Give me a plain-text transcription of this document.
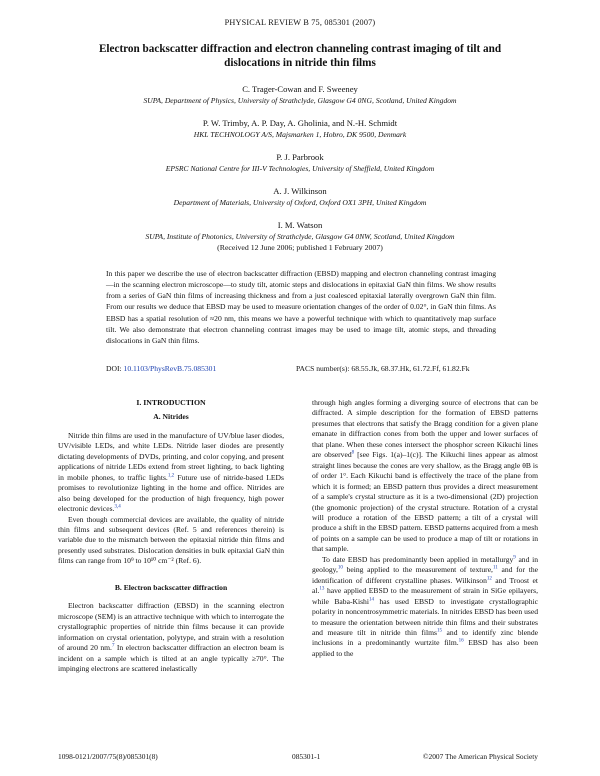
PHYSICAL REVIEW B 75, 085301 (2007)
Electron backscatter diffraction and electron channeling contrast imaging of tilt and dislocations in nitride thin films
C. Trager-Cowan and F. Sweeney
SUPA, Department of Physics, University of Strathclyde, Glasgow G4 0NG, Scotland, United Kingdom
P. W. Trimby, A. P. Day, A. Gholinia, and N.-H. Schmidt
HKL TECHNOLOGY A/S, Majsmarken 1, Hobro, DK 9500, Denmark
P. J. Parbrook
EPSRC National Centre for III-V Technologies, University of Sheffield, United Kingdom
A. J. Wilkinson
Department of Materials, University of Oxford, Oxford OX1 3PH, United Kingdom
I. M. Watson
SUPA, Institute of Photonics, University of Strathclyde, Glasgow G4 0NW, Scotland, United Kingdom
(Received 12 June 2006; published 1 February 2007)
In this paper we describe the use of electron backscatter diffraction (EBSD) mapping and electron channeling contrast imaging—in the scanning electron microscope—to study tilt, atomic steps and dislocations in epitaxial GaN thin films. We show results from a series of GaN thin films of increasing thickness and from a just coalesced epitaxial laterally overgrown GaN thin film. From our results we deduce that EBSD may be used to measure orientation changes of the order of 0.02°, in GaN thin films. As EBSD has a spatial resolution of ≈20 nm, this means we have a powerful technique with which to quantitatively map surface tilt. We also demonstrate that electron channeling contrast images may be used to image tilt, atomic steps, and threading dislocations in GaN thin films.
DOI: 10.1103/PhysRevB.75.085301	PACS number(s): 68.55.Jk, 68.37.Hk, 61.72.Ff, 61.82.Fk
I. INTRODUCTION
A. Nitrides

Nitride thin films are used in the manufacture of UV/blue laser diodes, UV/visible LEDs, and white LEDs. Nitride laser diodes are presently dictating developments of DVDs, printing, and color copying, and present applications of nitride LEDs extend from street lighting, to back lighting in mobile phones, to traffic lights.$^{1,2}$ Future use of nitride-based LEDs promises to revolutionize lighting in the home and office. Nitrides are also being developed for the production of high frequency, high power electronic devices.$^{3,4}$

Even though commercial devices are available, the quality of nitride thin films and subsequent devices (Ref. 5 and references therein) is variable due to the mismatch between the epitaxial nitride thin films and presently used substrates. Dislocation densities in bulk epitaxial GaN thin films can range from 10⁹ to 10¹⁰ cm⁻² (Ref. 6).

B. Electron backscatter diffraction

Electron backscatter diffraction (EBSD) in the scanning electron microscope (SEM) is an attractive technique with which to interrogate the crystallographic properties of nitride thin films because it can provide information on crystal orientation, polytype, and strain with a resolution of around 20 nm.$^7$ In electron backscatter diffraction an electron beam is incident on a sample which is tilted at an angle typically ≥70°. The impinging electrons are scattered inelastically

through high angles forming a diverging source of electrons that can be diffracted. A simple description for the formation of EBSD patterns presumes that electrons that satisfy the Bragg condition for a given plane emanate in diffraction cones from both the upper and lower surfaces of that plane. When these cones intersect the phosphor screen Kikuchi lines are observed$^8$ [see Figs. 1(a)–1(c)]. The Kikuchi lines appear as almost straight lines because the cones are very shallow, as the Bragg angle θB is of order 1°. Each Kikuchi band is effectively the trace of the plane from which it is formed; an EBSD pattern thus provides a direct measurement of a sample's crystal structure as it is a two-dimensional (2D) projection (the gnomonic projection) of the crystal structure. Rotation of a crystal will produce a rotation of the EBSD pattern; a tilt of a crystal will produce a shift in the EBSD pattern. EBSD patterns acquired from a mesh of points on a sample can be used to produce a map of tilt or rotations in that sample.

To date EBSD has predominantly been applied in metallurgy$^9$ and in geology,$^{10}$ being applied to the measurement of texture,$^{11}$ and for the identification of different crystalline phases. Wilkinson$^{12}$ and Troost et al.$^{13}$ have applied EBSD to the measurement of strain in SiGe epilayers, while Baba-Kishi$^{14}$ has used EBSD to investigate crystallographic polarity in noncentrosymmetric materials. In nitrides EBSD has been used to measure the orientation between nitride thin films and their substrates and measure tilt in nitride thin films$^{15}$ and to identify zinc blende inclusions in a predominantly wurtzite film.$^{16}$ EBSD has also been applied to the

1098-0121/2007/75(8)/085301(8)	085301-1	©2007 The American Physical Society
